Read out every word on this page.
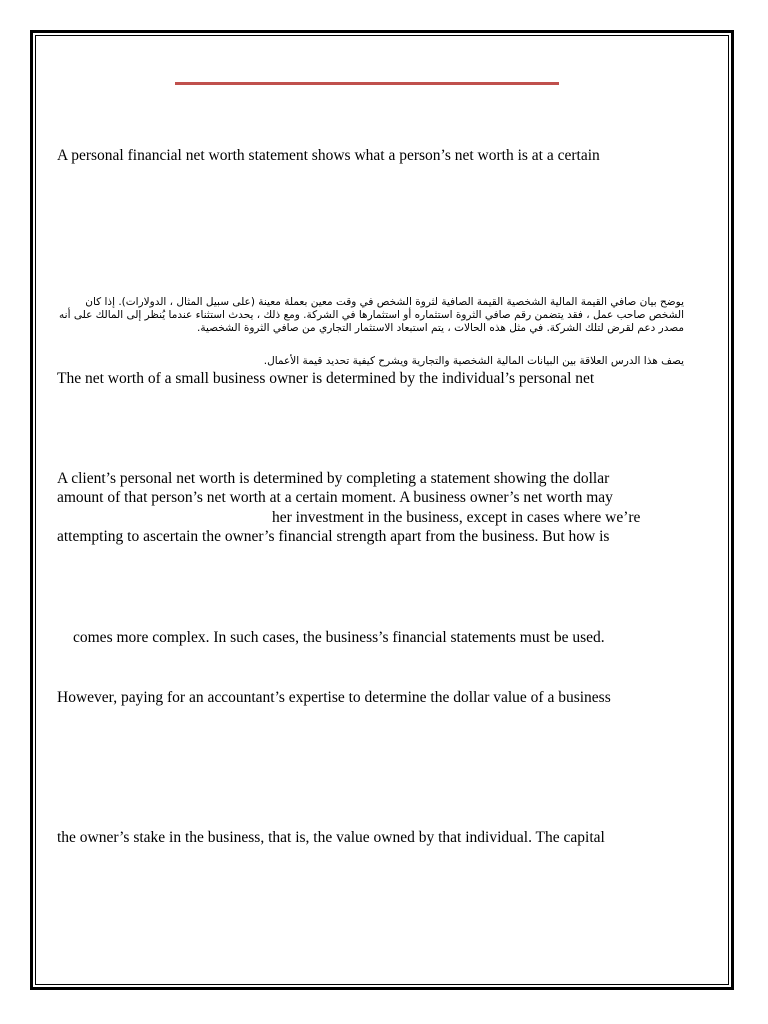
A personal financial net worth statement shows what a person’s net worth is at a certain
يوضح بيان صافي القيمة المالية الشخصية القيمة الصافية لثروة الشخص في وقت معين بعملة معينة (على سبيل المثال ، الدولارات). إذا كان الشخص صاحب عمل ، فقد يتضمن رقم صافي الثروة استثماره أو استثمارها في الشركة. ومع ذلك ، يحدث استثناء عندما يُنظر إلى المالك على أنه مصدر دعم لقرض لتلك الشركة. في مثل هذه الحالات ، يتم استبعاد الاستثمار التجاري من صافي الثروة الشخصية.
يصف هذا الدرس العلاقة بين البيانات المالية الشخصية والتجارية ويشرح كيفية تحديد قيمة الأعمال.
The net worth of a small business owner is determined by the individual’s personal net
A client’s personal net worth is determined by completing a statement showing the dollar
amount of that person’s net worth at a certain moment. A business owner’s net worth may
her investment in the business, except in cases where we’re
attempting to ascertain the owner’s financial strength apart from the business. But how is
comes more complex. In such cases, the business’s financial statements must be used.
However, paying for an accountant’s expertise to determine the dollar value of a business
the owner’s stake in the business, that is, the value owned by that individual. The capital
